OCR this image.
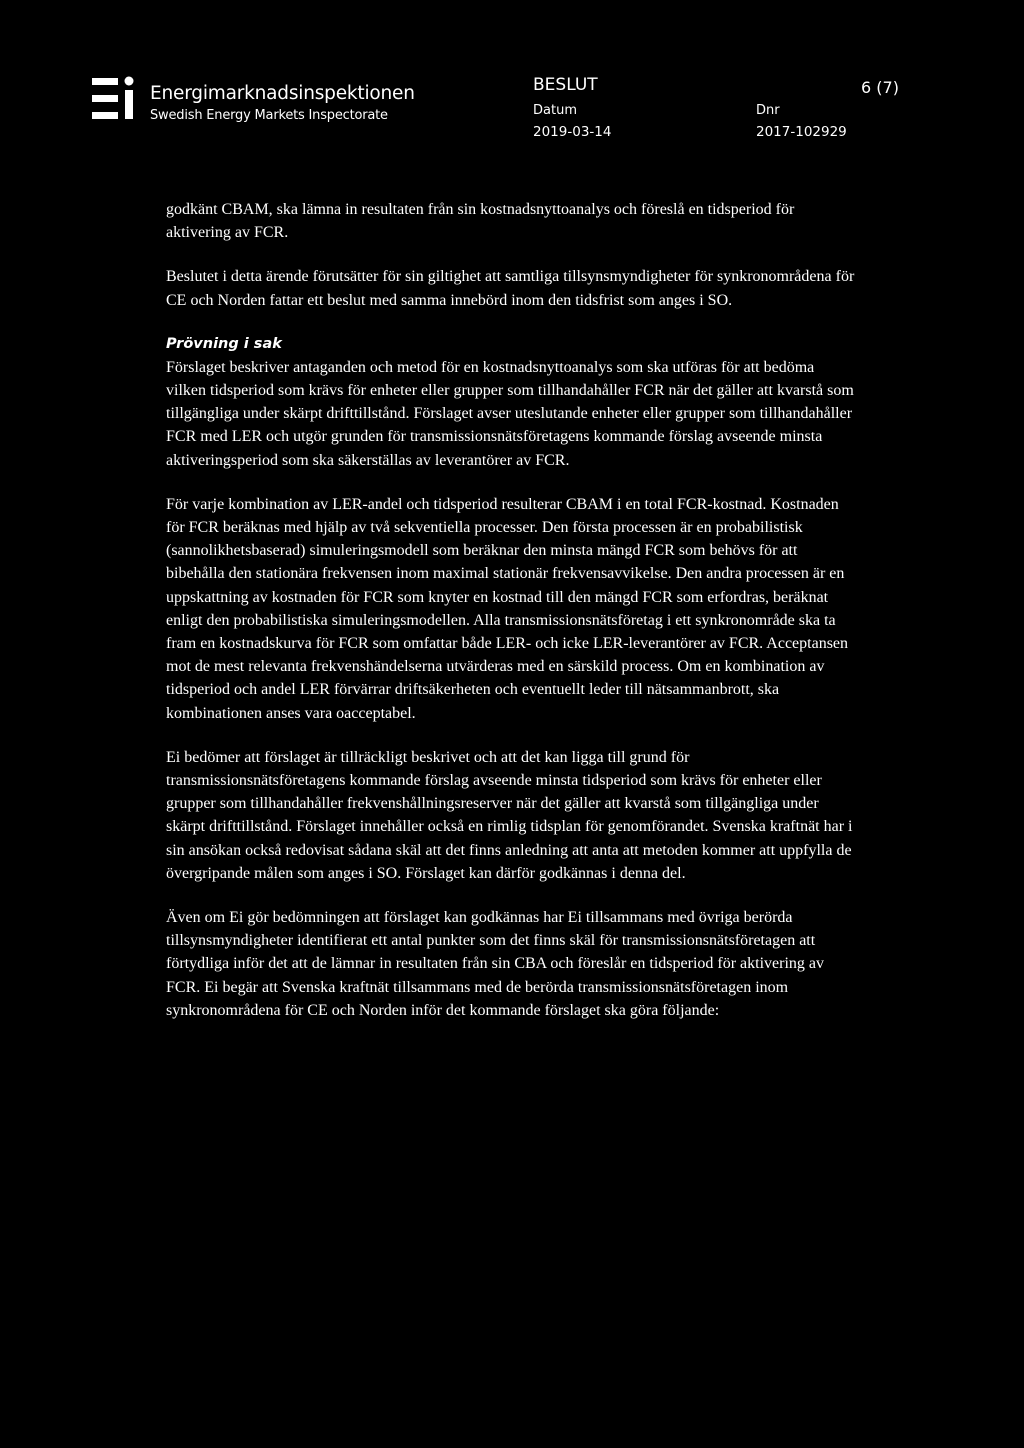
Energimarknadsinspektionen
Swedish Energy Markets Inspectorate
BESLUT	6 (7)
Datum
2019-03-14
Dnr
2017-102929

godkänt CBAM, ska lämna in resultaten från sin kostnadsnyttoanalys och föreslå en tidsperiod för aktivering av FCR.

Beslutet i detta ärende förutsätter för sin giltighet att samtliga tillsynsmyndigheter för synkronområdena för CE och Norden fattar ett beslut med samma innebörd inom den tidsfrist som anges i SO.

Prövning i sak

Förslaget beskriver antaganden och metod för en kostnadsnyttoanalys som ska utföras för att bedöma vilken tidsperiod som krävs för enheter eller grupper som tillhandahåller FCR när det gäller att kvarstå som tillgängliga under skärpt drifttillstånd. Förslaget avser uteslutande enheter eller grupper som tillhandahåller FCR med LER och utgör grunden för transmissionsnätsföretagens kommande förslag avseende minsta aktiveringsperiod som ska säkerställas av leverantörer av FCR.

För varje kombination av LER-andel och tidsperiod resulterar CBAM i en total FCR-kostnad. Kostnaden för FCR beräknas med hjälp av två sekventiella processer. Den första processen är en probabilistisk (sannolikhetsbaserad) simuleringsmodell som beräknar den minsta mängd FCR som behövs för att bibehålla den stationära frekvensen inom maximal stationär frekvensavvikelse. Den andra processen är en uppskattning av kostnaden för FCR som knyter en kostnad till den mängd FCR som erfordras, beräknat enligt den probabilistiska simuleringsmodellen. Alla transmissionsnätsföretag i ett synkronområde ska ta fram en kostnadskurva för FCR som omfattar både LER- och icke LER-leverantörer av FCR. Acceptansen mot de mest relevanta frekvenshändelserna utvärderas med en särskild process. Om en kombination av tidsperiod och andel LER förvärrar driftsäkerheten och eventuellt leder till nätsammanbrott, ska kombinationen anses vara oacceptabel.

Ei bedömer att förslaget är tillräckligt beskrivet och att det kan ligga till grund för transmissionsnätsföretagens kommande förslag avseende minsta tidsperiod som krävs för enheter eller grupper som tillhandahåller frekvenshållningsreserver när det gäller att kvarstå som tillgängliga under skärpt drifttillstånd. Förslaget innehåller också en rimlig tidsplan för genomförandet. Svenska kraftnät har i sin ansökan också redovisat sådana skäl att det finns anledning att anta att metoden kommer att uppfylla de övergripande målen som anges i SO. Förslaget kan därför godkännas i denna del.

Även om Ei gör bedömningen att förslaget kan godkännas har Ei tillsammans med övriga berörda tillsynsmyndigheter identifierat ett antal punkter som det finns skäl för transmissionsnätsföretagen att förtydliga inför det att de lämnar in resultaten från sin CBA och föreslår en tidsperiod för aktivering av FCR. Ei begär att Svenska kraftnät tillsammans med de berörda transmissionsnätsföretagen inom synkronområdena för CE och Norden inför det kommande förslaget ska göra följande:
